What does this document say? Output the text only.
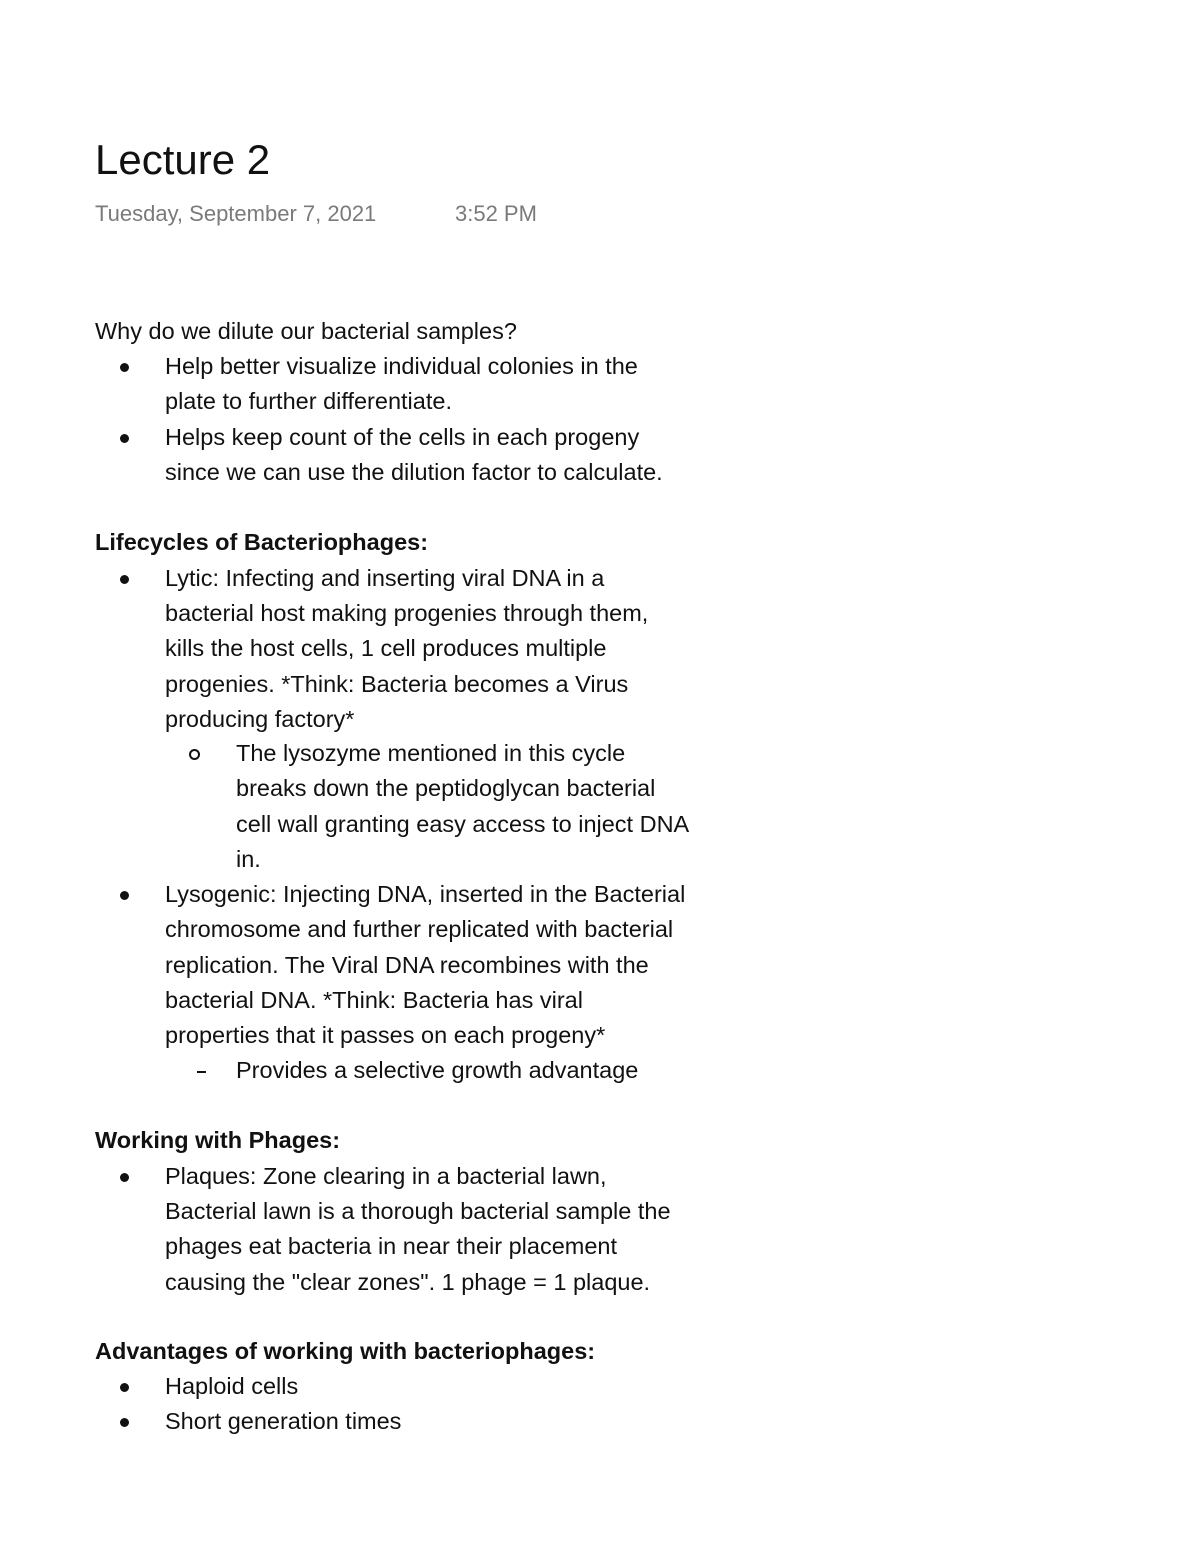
Lecture 2
Tuesday, September 7, 2021	3:52 PM
Why do we dilute our bacterial samples?
Help better visualize individual colonies in the
plate to further differentiate.
Helps keep count of the cells in each progeny
since we can use the dilution factor to calculate.
Lifecycles of Bacteriophages:
Lytic: Infecting and inserting viral DNA in a
bacterial host making progenies through them,
kills the host cells, 1 cell produces multiple
progenies. *Think: Bacteria becomes a Virus
producing factory*
The lysozyme mentioned in this cycle
breaks down the peptidoglycan bacterial
cell wall granting easy access to inject DNA
in.
Lysogenic: Injecting DNA, inserted in the Bacterial
chromosome and further replicated with bacterial
replication. The Viral DNA recombines with the
bacterial DNA. *Think: Bacteria has viral
properties that it passes on each progeny*
Provides a selective growth advantage
Working with Phages:
Plaques: Zone clearing in a bacterial lawn,
Bacterial lawn is a thorough bacterial sample the
phages eat bacteria in near their placement
causing the "clear zones". 1 phage = 1 plaque.
Advantages of working with bacteriophages:
Haploid cells
Short generation times
